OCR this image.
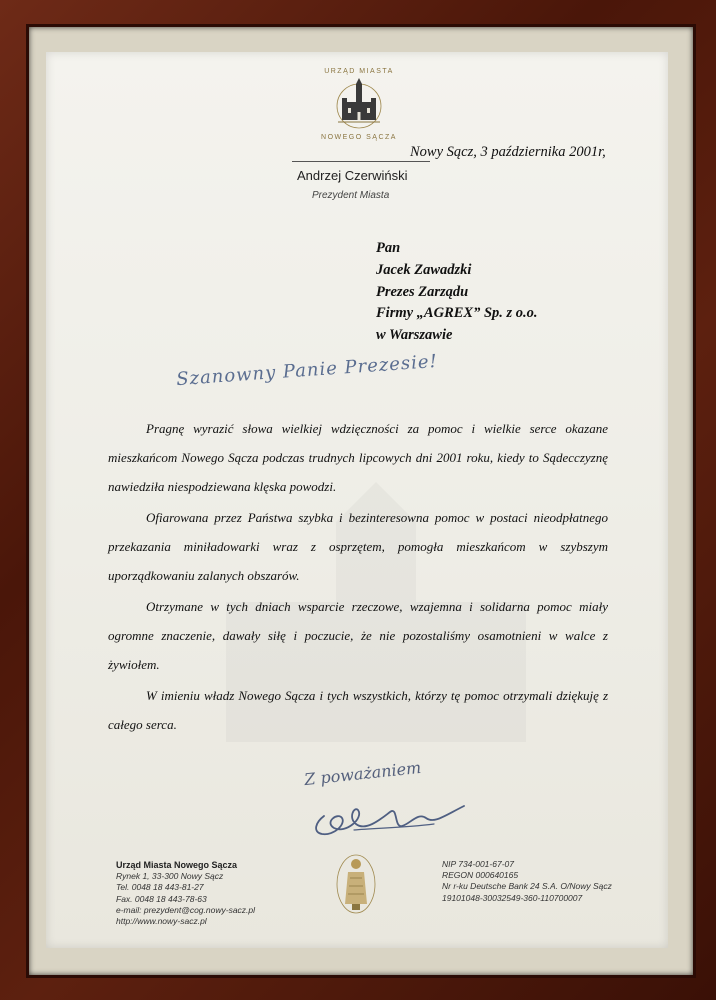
URZĄD MIASTA
NOWEGO SĄCZA
Nowy Sącz, 3 października 2001r,
Andrzej Czerwiński
Prezydent Miasta
Pan
Jacek Zawadzki
Prezes Zarządu
Firmy „AGREX” Sp. z o.o.
w Warszawie
Szanowny Panie Prezesie!

Pragnę wyrazić słowa wielkiej wdzięczności za pomoc i wielkie serce okazane mieszkańcom Nowego Sącza podczas trudnych lipcowych dni 2001 roku, kiedy to Sądecczyznę nawiedziła niespodziewana klęska powodzi.

Ofiarowana przez Państwa szybka i bezinteresowna pomoc w postaci nieodpłatnego przekazania miniładowarki wraz z osprzętem, pomogła mieszkańcom w szybszym uporządkowaniu zalanych obszarów.

Otrzymane w tych dniach wsparcie rzeczowe, wzajemna i solidarna pomoc miały ogromne znaczenie, dawały siłę i poczucie, że nie pozostaliśmy osamotnieni w walce z żywiołem.

W imieniu władz Nowego Sącza i tych wszystkich, którzy tę pomoc otrzymali dziękuję z całego serca.

Z poważaniem
Urząd Miasta Nowego Sącza
Rynek 1, 33-300 Nowy Sącz
Tel. 0048 18 443-81-27
Fax. 0048 18 443-78-63
e-mail: prezydent@cog.nowy-sacz.pl
http://www.nowy-sacz.pl
NIP 734-001-67-07
REGON 000640165
Nr r-ku Deutsche Bank 24 S.A. O/Nowy Sącz
19101048-30032549-360-110700007
